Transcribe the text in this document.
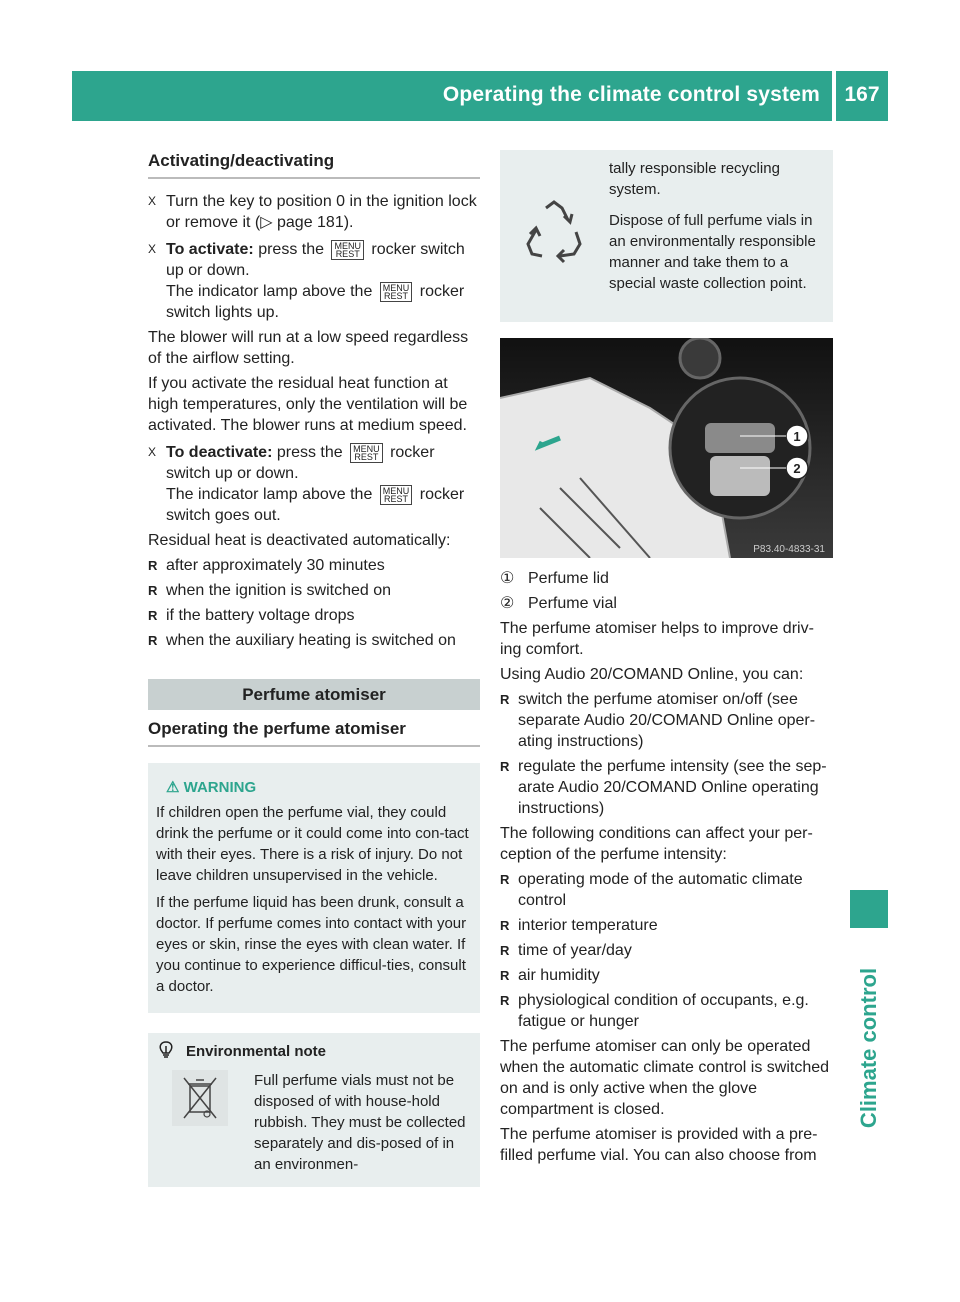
Operating the climate control system	167
Climate control
Activating/deactivating
X Turn the key to position 0 in the ignition lock or remove it (▷ page 181).
X To activate: press the MENU
REST rocker switch up or down.
The indicator lamp above the MENU
REST rocker switch lights up.

The blower will run at a low speed regardless of the airflow setting.

If you activate the residual heat function at high temperatures, only the ventilation will be activated. The blower runs at medium speed.

X To deactivate: press the MENU
REST rocker switch up or down.
The indicator lamp above the MENU
REST rocker switch goes out.

Residual heat is deactivated automatically:

R after approximately 30 minutes
R when the ignition is switched on
R if the battery voltage drops
R when the auxiliary heating is switched on
Perfume atomiser
Operating the perfume atomiser
⚠ WARNING

If children open the perfume vial, they could drink the perfume or it could come into con-tact with their eyes. There is a risk of injury. Do not leave children unsupervised in the vehicle.

If the perfume liquid has been drunk, consult a doctor. If perfume comes into contact with your eyes or skin, rinse the eyes with clean water. If you continue to experience difficul-ties, consult a doctor.

Environmental note
Full perfume vials must not be disposed of with house-hold rubbish. They must be collected separately and dis-posed of in an environmen-

tally responsible recycling system.

Dispose of full perfume vials in an environmentally responsible manner and take them to a special waste collection point.

1
2
P83.40-4833-31
① Perfume lid
② Perfume vial

The perfume atomiser helps to improve driv-ing comfort.

Using Audio 20/COMAND Online, you can:

R switch the perfume atomiser on/off (see separate Audio 20/COMAND Online oper-ating instructions)
R regulate the perfume intensity (see the sep-arate Audio 20/COMAND Online operating instructions)

The following conditions can affect your per-ception of the perfume intensity:

R operating mode of the automatic climate control
R interior temperature
R time of year/day
R air humidity
R physiological condition of occupants, e.g. fatigue or hunger

The perfume atomiser can only be operated when the automatic climate control is switched on and is only active when the glove compartment is closed.

The perfume atomiser is provided with a pre-filled perfume vial. You can also choose from
